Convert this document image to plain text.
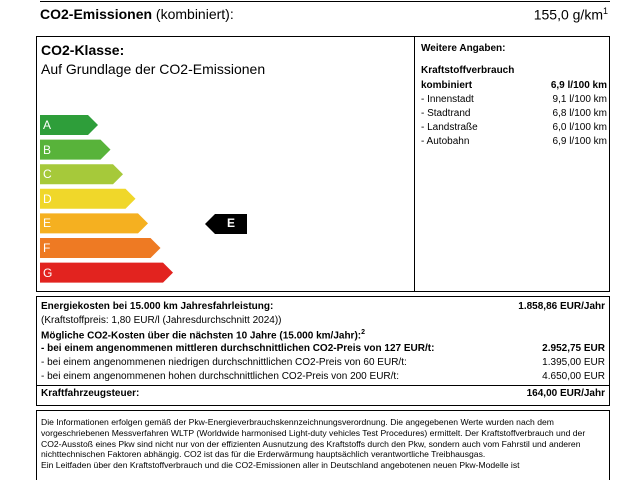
CO2-Emissionen (kombiniert):	155,0 $g/km^1$
CO2-Klasse:
Auf Grundlage der CO2-Emissionen
A
B
C
D
E
F
G
E
Weitere Angaben:
Kraftstoffverbrauch
kombiniert	6,9 l/100 km
- Innenstadt	9,1 l/100 km
- Stadtrand	6,8 l/100 km
- Landstraße	6,0 l/100 km
- Autobahn	6,9 l/100 km
Energiekosten bei 15.000 km Jahresfahrleistung:	1.858,86 EUR/Jahr
(Kraftstoffpreis: 1,80 EUR/l (Jahresdurchschnitt 2024))
Mögliche CO2-Kosten über die nächsten 10 Jahre (15.000 km/Jahr):$^2$
- bei einem angenommenen mittleren durchschnittlichen CO2-Preis von 127 EUR/t:	2.952,75 EUR
- bei einem angenommenen niedrigen durchschnittlichen CO2-Preis von 60 EUR/t:	1.395,00 EUR
- bei einem angenommenen hohen durchschnittlichen CO2-Preis von 200 EUR/t:	4.650,00 EUR
Kraftfahrzeugsteuer:	164,00 EUR/Jahr

Die Informationen erfolgen gemäß der Pkw-Energieverbrauchskennzeichnungsverordnung. Die angegebenen Werte wurden nach dem vorgeschriebenen Messverfahren WLTP (Worldwide harmonised Light-duty vehicles Test Procedures) ermittelt. Der Kraftstoffverbrauch und der CO2-Ausstoß eines Pkw sind nicht nur von der effizienten Ausnutzung des Kraftstoffs durch den Pkw, sondern auch vom Fahrstil und anderen nichttechnischen Faktoren abhängig. CO2 ist das für die Erderwärmung hauptsächlich verantwortliche Treibhausgas.

Ein Leitfaden über den Kraftstoffverbrauch und die CO2-Emissionen aller in Deutschland angebotenen neuen Pkw-Modelle ist
